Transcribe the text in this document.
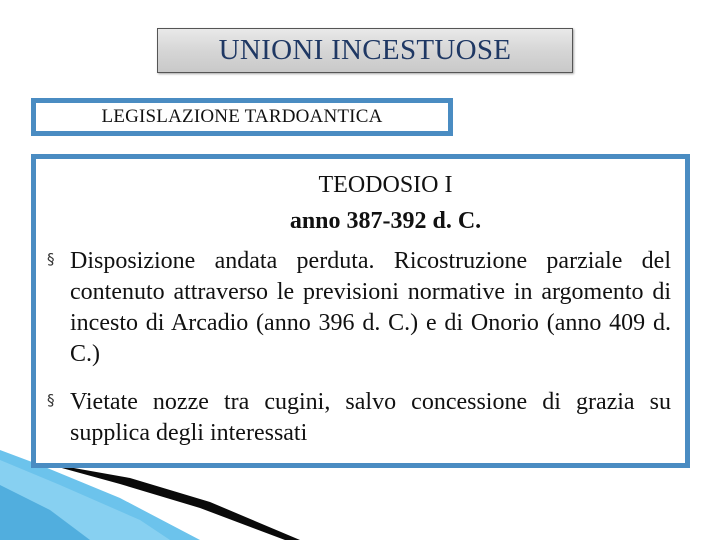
UNIONI INCESTUOSE
LEGISLAZIONE TARDOANTICA
TEODOSIO I
anno 387-392 d. C.
§ Disposizione andata perduta. Ricostruzione parziale del contenuto attraverso le previsioni normative in argomento di incesto di Arcadio (anno 396 d. C.) e di Onorio (anno 409 d. C.)
§ Vietate nozze tra cugini, salvo concessione di grazia su supplica degli interessati
